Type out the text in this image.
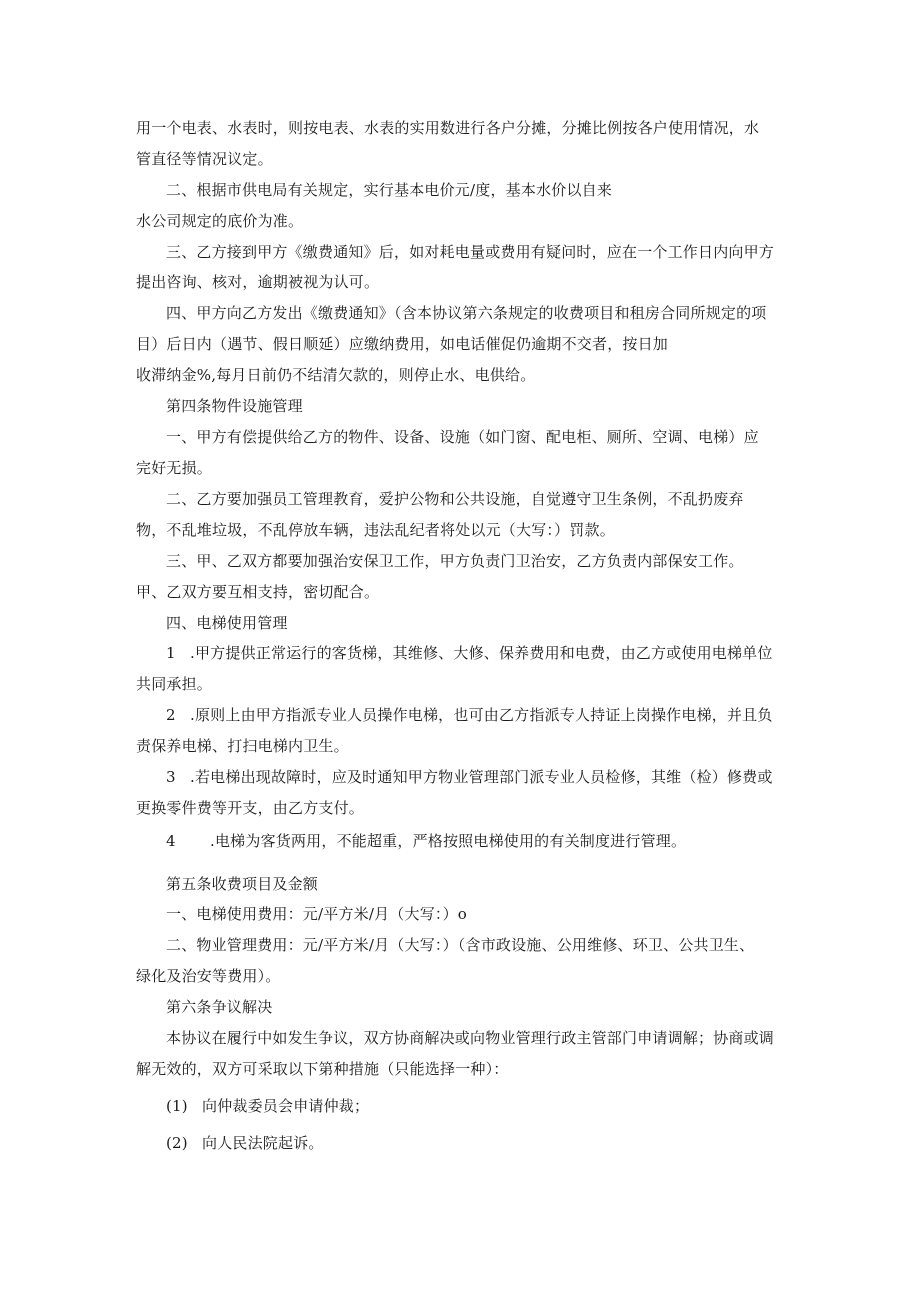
用一个电表、水表时，则按电表、水表的实用数进行各户分摊，分摊比例按各户使用情况，水
管直径等情况议定。
二、根据市供电局有关规定，实行基本电价元/度，基本水价以自来
水公司规定的底价为准。
三、乙方接到甲方《缴费通知》后，如对耗电量或费用有疑问时，应在一个工作日内向甲方
提出咨询、核对，逾期被视为认可。
四、甲方向乙方发出《缴费通知》（含本协议第六条规定的收费项目和租房合同所规定的项
目）后日内（遇节、假日顺延）应缴纳费用，如电话催促仍逾期不交者，按日加
收滞纳金%,每月日前仍不结清欠款的，则停止水、电供给。
第四条物件设施管理
一、甲方有偿提供给乙方的物件、设备、设施（如门窗、配电柜、厕所、空调、电梯）应
完好无损。
二、乙方要加强员工管理教育，爱护公物和公共设施，自觉遵守卫生条例，不乱扔废弃
物，不乱堆垃圾，不乱停放车辆，违法乱纪者将处以元（大写：）罚款。
三、甲、乙双方都要加强治安保卫工作，甲方负责门卫治安，乙方负责内部保安工作。
甲、乙双方要互相支持，密切配合。
四、电梯使用管理
1 .甲方提供正常运行的客货梯，其维修、大修、保养费用和电费，由乙方或使用电梯单位
共同承担。
2 .原则上由甲方指派专业人员操作电梯，也可由乙方指派专人持证上岗操作电梯，并且负
责保养电梯、打扫电梯内卫生。
3 .若电梯出现故障时，应及时通知甲方物业管理部门派专业人员检修，其维（检）修费或
更换零件费等开支，由乙方支付。
4 .电梯为客货两用，不能超重，严格按照电梯使用的有关制度进行管理。
第五条收费项目及金额
一、电梯使用费用：元/平方米/月（大写：）o
二、物业管理费用：元/平方米/月（大写：）（含市政设施、公用维修、环卫、公共卫生、
绿化及治安等费用）。
第六条争议解决
本协议在履行中如发生争议，双方协商解决或向物业管理行政主管部门申请调解；协商或调
解无效的，双方可采取以下第种措施（只能选择一种）：
(1) 向仲裁委员会申请仲裁；
(2) 向人民法院起诉。
